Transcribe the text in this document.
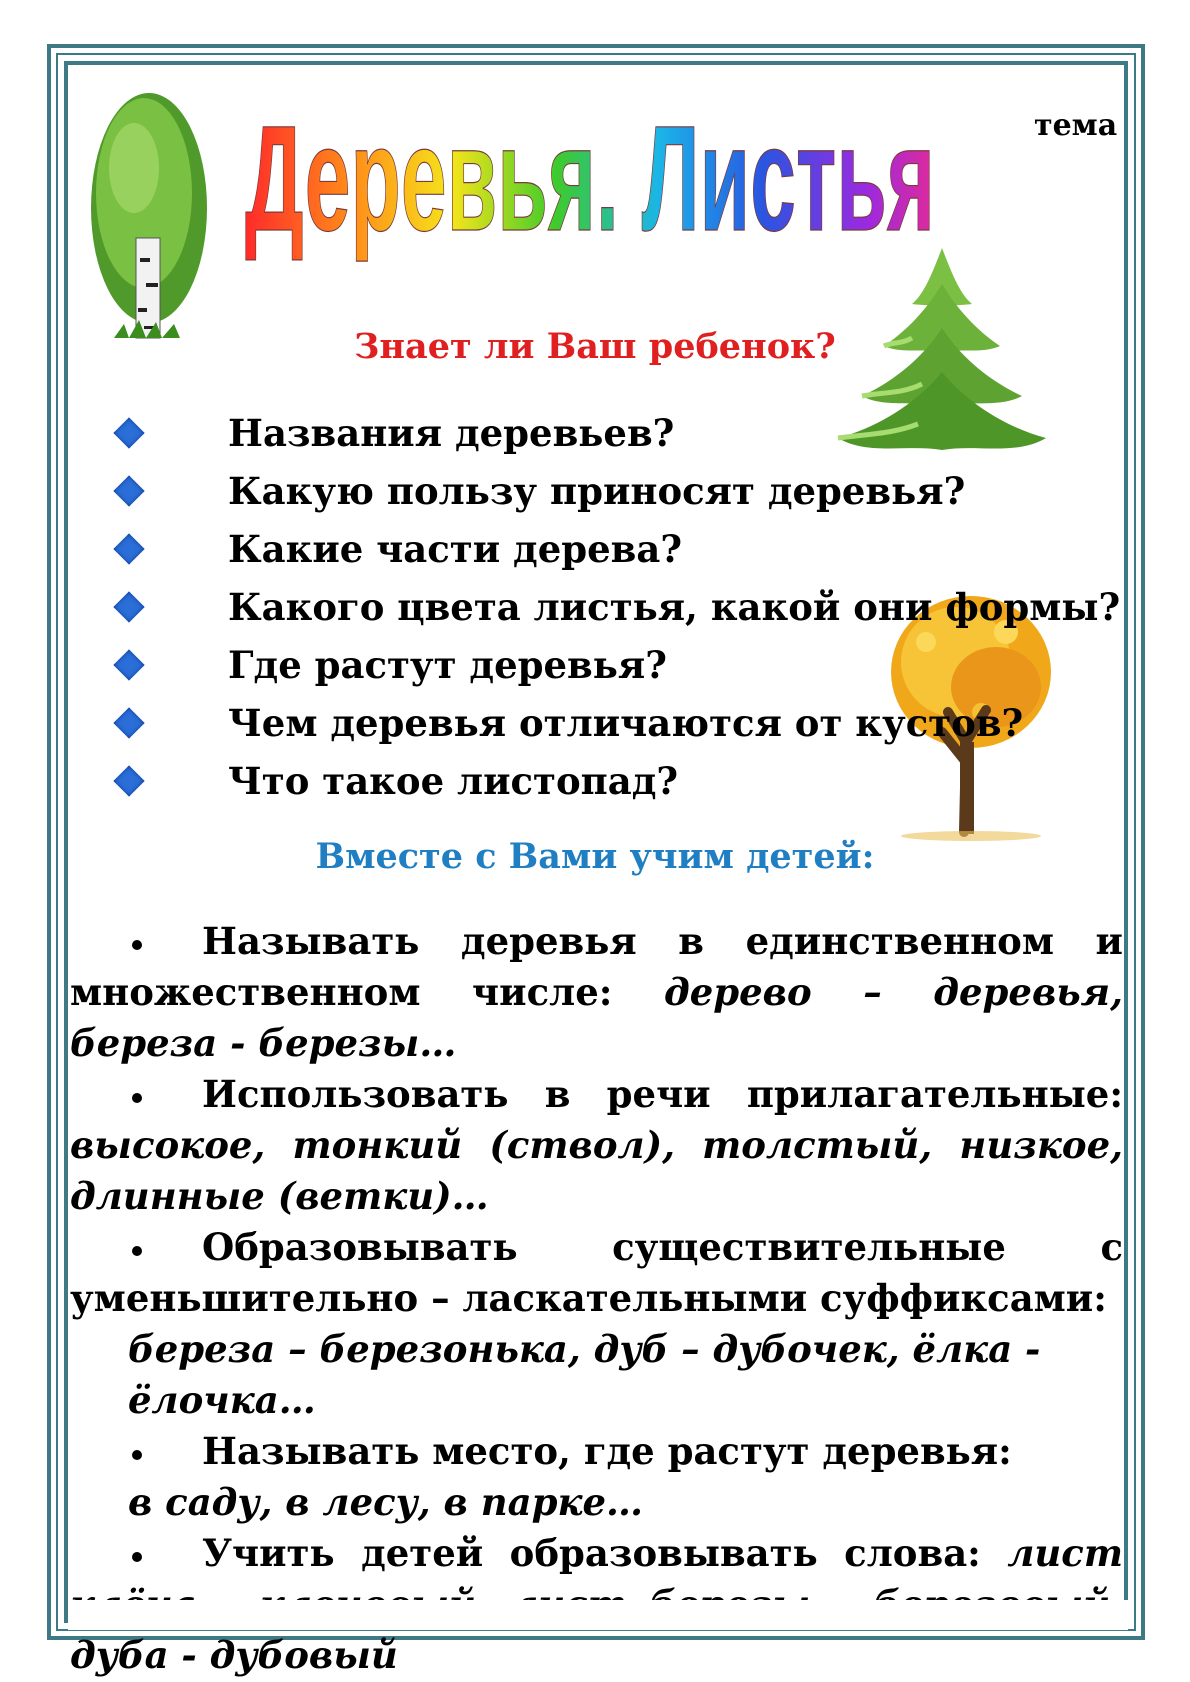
Деревья. Листья	тема
Знает ли Ваш ребенок?
Названия деревьев?
Какую пользу приносят деревья?
Какие части дерева?
Какого цвета листья, какой они формы?
Где растут деревья?
Чем деревья отличаются от кустов?
Что такое листопад?
Вместе с Вами учим детей:
Называть деревья в единственном и множественном числе: дерево – деревья, береза - березы…
Использовать в речи прилагательные: высокое, тонкий (ствол), толстый, низкое, длинные (ветки)…
Образовывать существительные с уменьшительно – ласкательными суффиксами:
береза – березонька, дуб – дубочек, ёлка - ёлочка…
Называть место, где растут деревья:
в саду, в лесу, в парке…
Учить детей образовывать слова: лист дуба - дубовый
